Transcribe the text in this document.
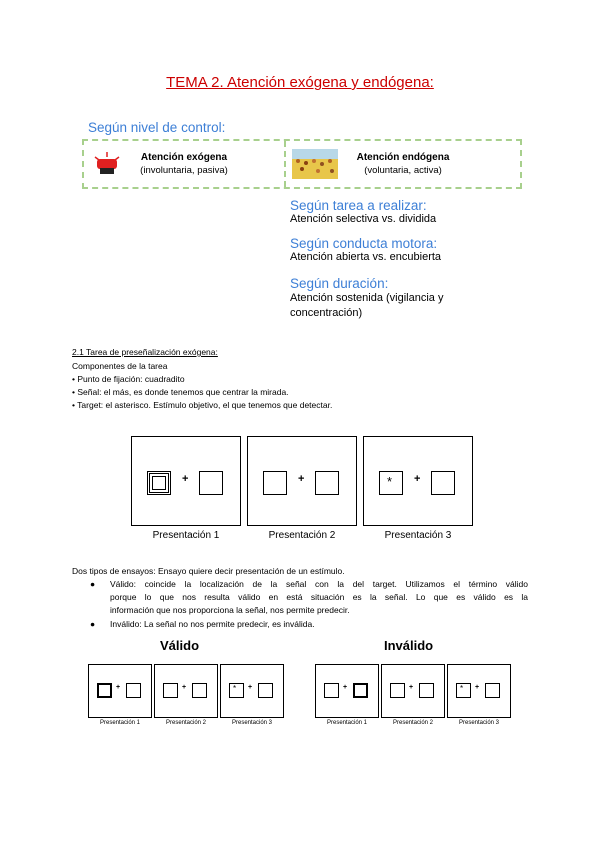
TEMA 2. Atención exógena y endógena:
Según nivel de control:
Atención exógena
(involuntaria, pasiva)
Atención endógena
(voluntaria, activa)
Según tarea a realizar:
Atención selectiva vs. dividida
Según conducta motora:
Atención abierta vs. encubierta
Según duración:
Atención sostenida (vigilancia y
concentración)
2.1 Tarea de preseñalización exógena:
Componentes de la tarea
• Punto de fijación: cuadradito
• Señal: el más, es donde tenemos que centrar la mirada.
• Target: el asterisco. Estímulo objetivo, el que tenemos que detectar.
+
Presentación 1
+
Presentación 2
* +
Presentación 3
Dos tipos de ensayos: Ensayo quiere decir presentación de un estímulo.
● Válido: coincide la localización de la señal con la del target. Utilizamos el término válido
porque lo que nos resulta válido en está situación es la señal. Lo que es válido es la
información que nos proporciona la señal, nos permite predecir.
● Inválido: La señal no nos permite predecir, es inválida.
Válido
+
Presentación 1
+
Presentación 2
* +
Presentación 3
Inválido
+
Presentación 1
+
Presentación 2
* +
Presentación 3
